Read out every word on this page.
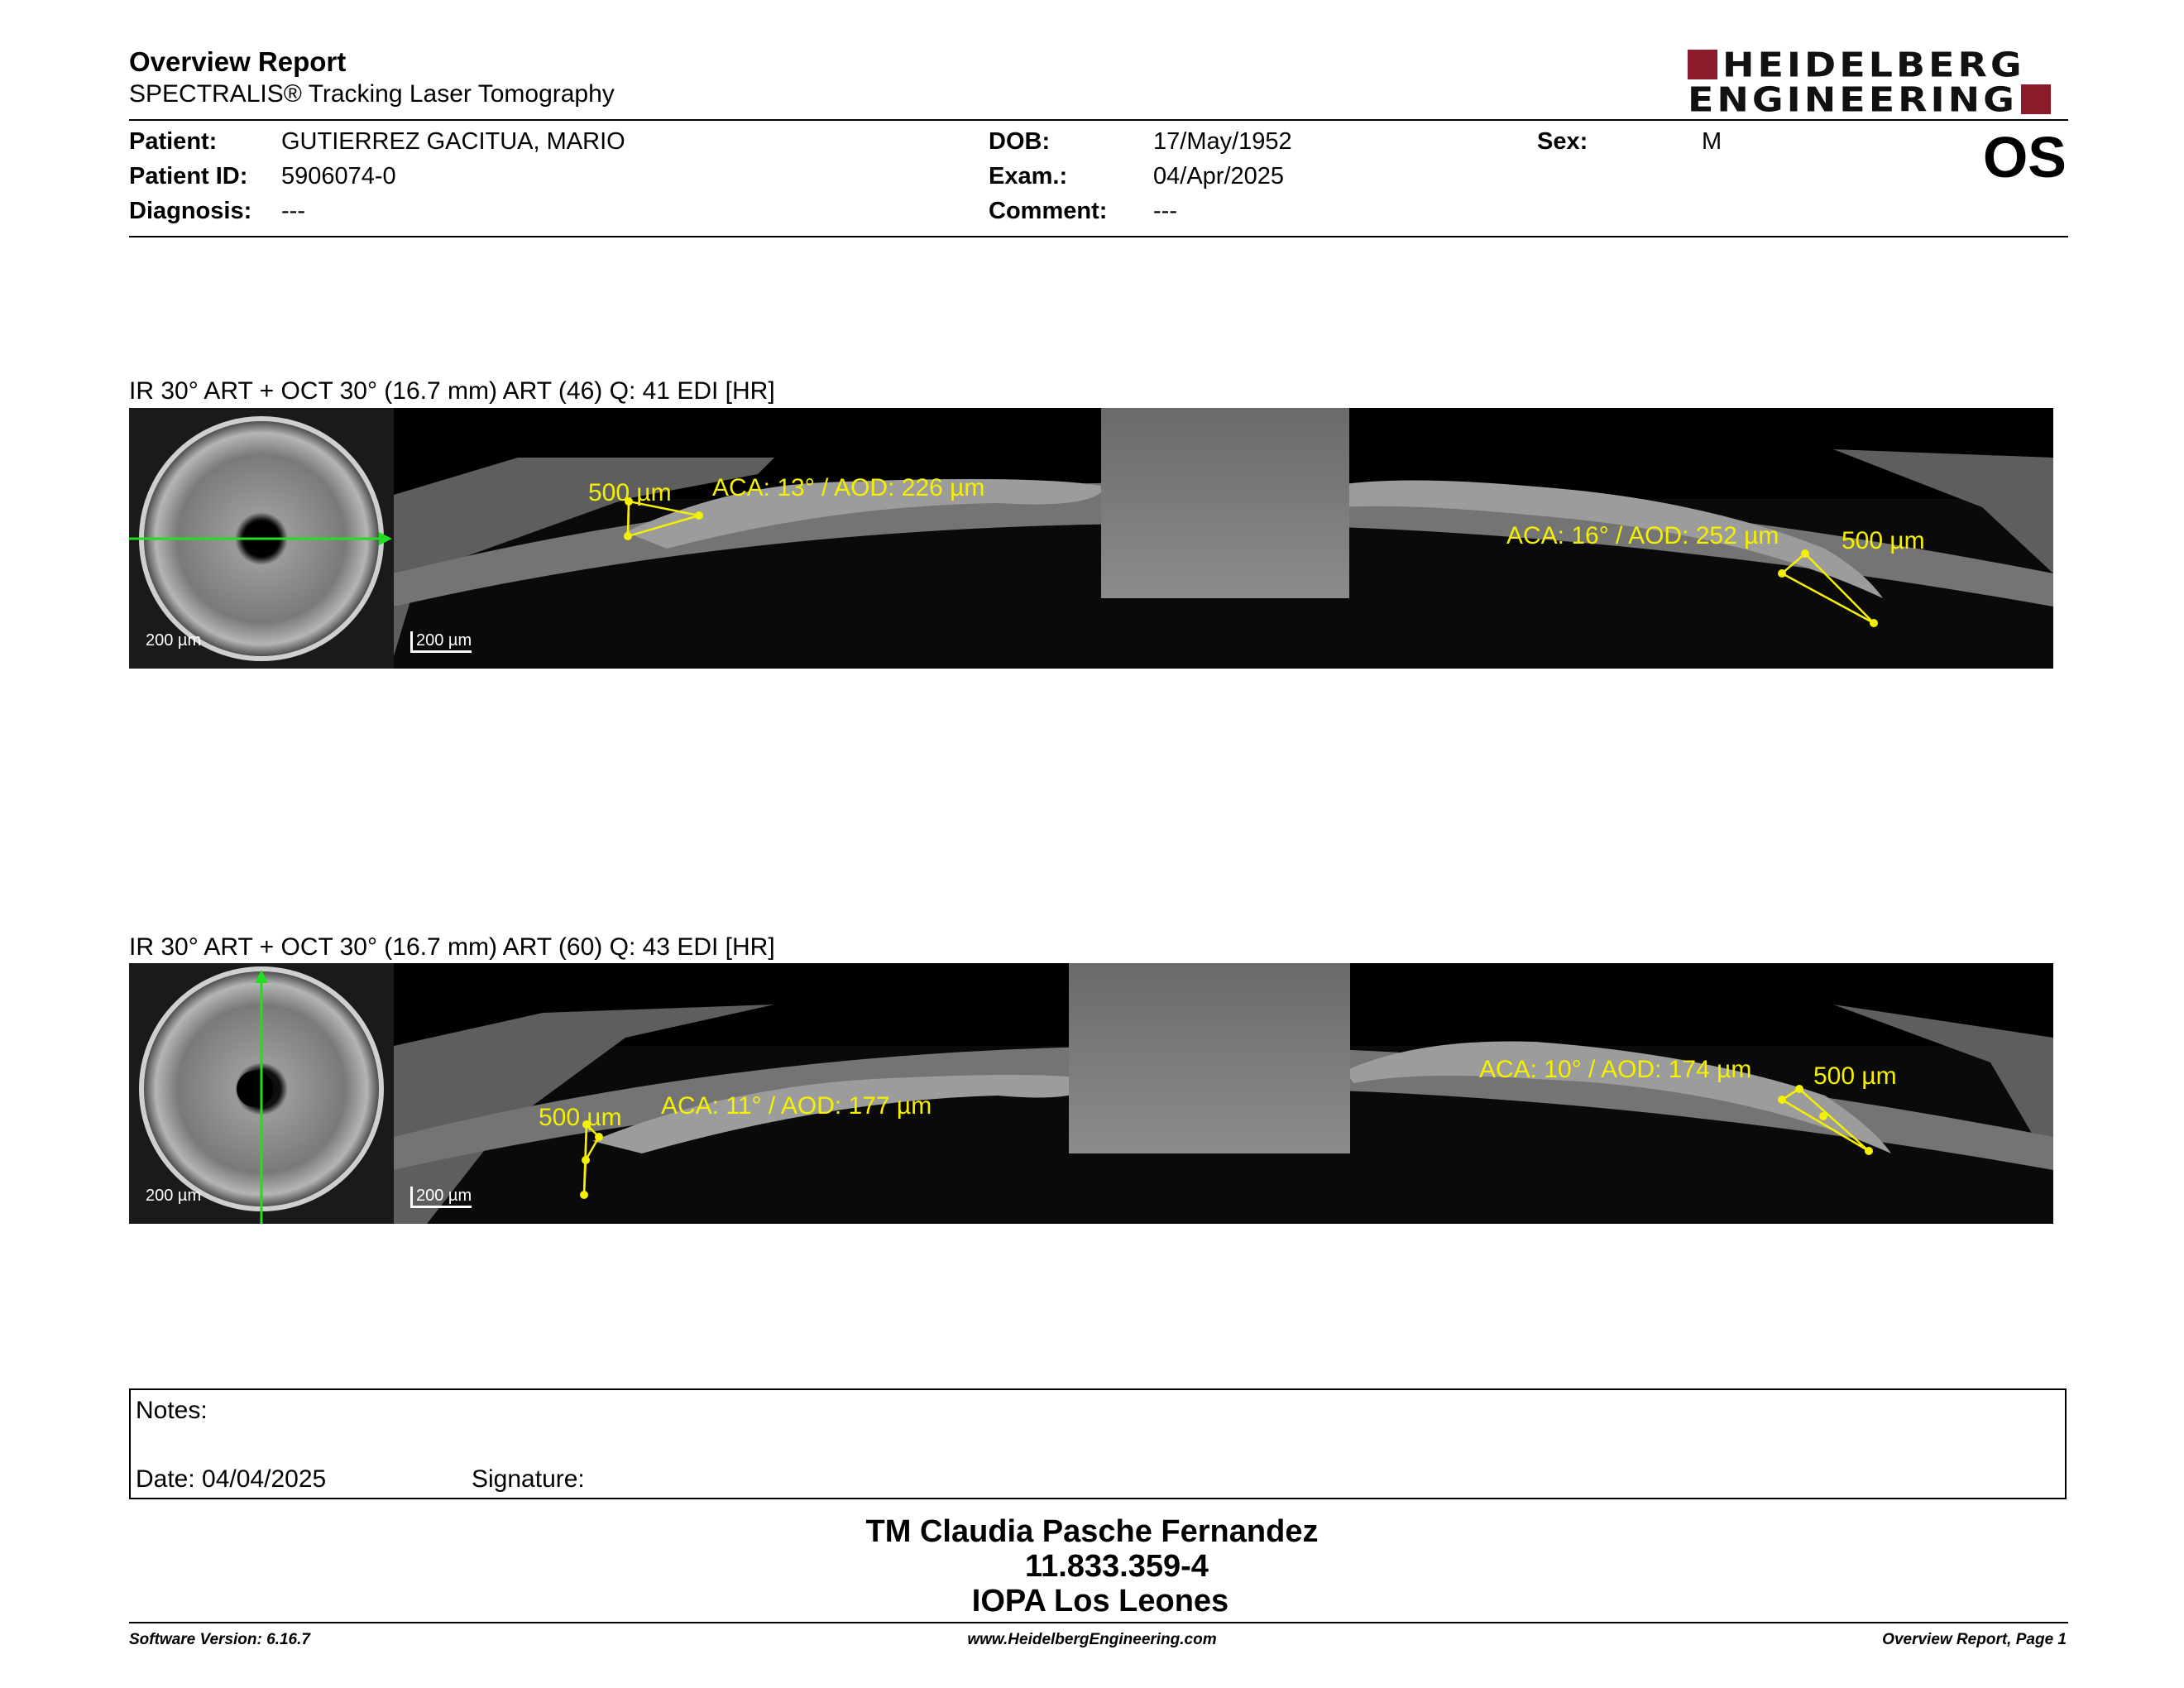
Overview Report
SPECTRALIS® Tracking Laser Tomography
HEIDELBERG
ENGINEERING
Patient:	GUTIERREZ GACITUA, MARIO
Patient ID: 5906074-0
Diagnosis: ---
DOB:	17/May/1952
Exam.:	04/Apr/2025
Comment: ---
Sex:	M	OS
IR 30° ART + OCT 30° (16.7 mm) ART (46) Q: 41 EDI [HR]
200 µm	200 µm
500 µm ACA: 13° / AOD: 226 µm
ACA: 16° / AOD: 252 µm	500 µm
IR 30° ART + OCT 30° (16.7 mm) ART (60) Q: 43 EDI [HR]
200 µm	200 µm
500 µm ACA: 11° / AOD: 177 µm
ACA: 10° / AOD: 174 µm 500 µm
Notes:
Date: 04/04/2025	Signature:
TM Claudia Pasche Fernandez
11.833.359-4
IOPA Los Leones
Software Version: 6.16.7	www.HeidelbergEngineering.com	Overview Report, Page 1
